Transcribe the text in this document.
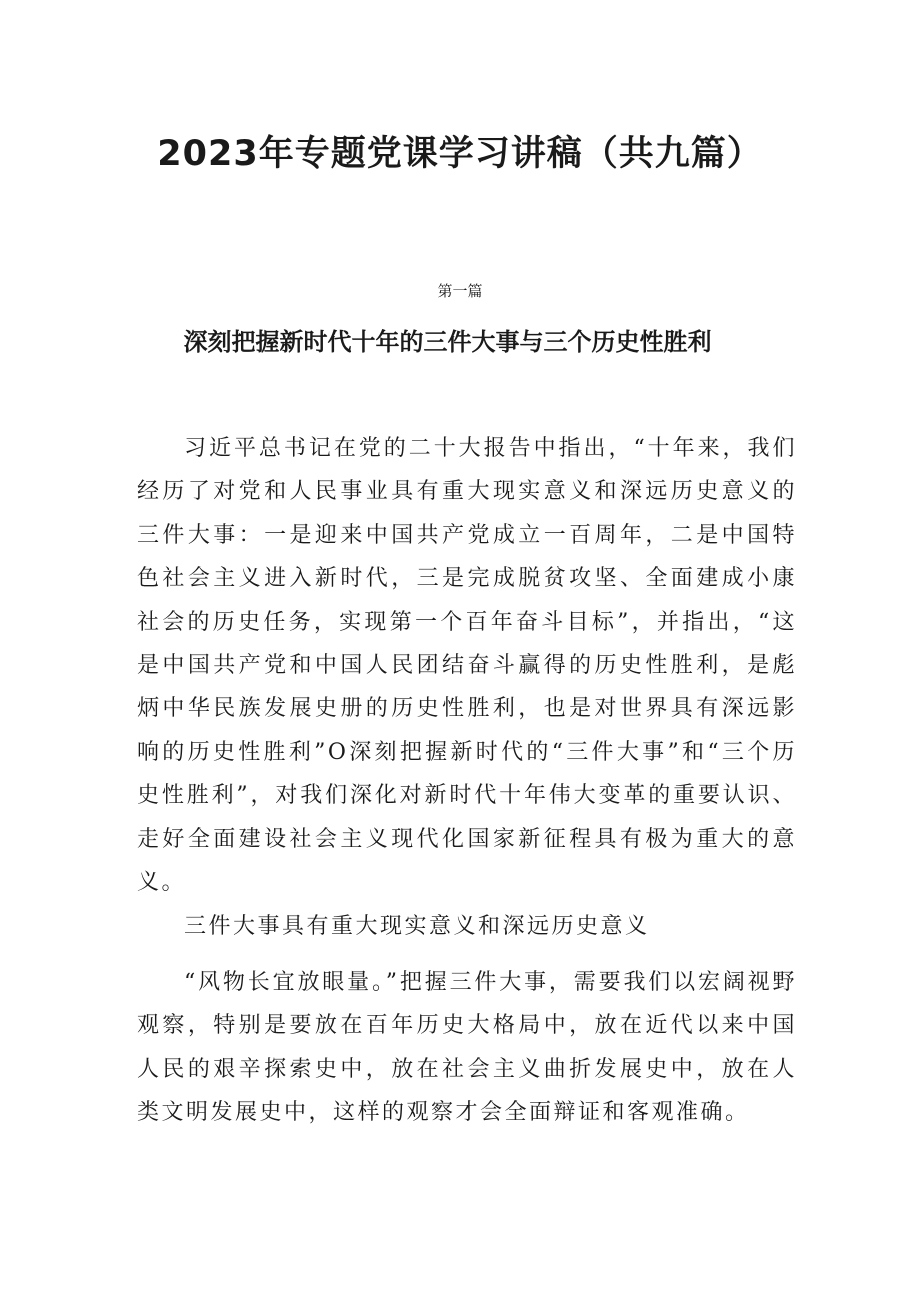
2023年专题党课学习讲稿（共九篇）
第一篇
深刻把握新时代十年的三件大事与三个历史性胜利

习近平总书记在党的二十大报告中指出，“十年来，我们经历了对党和人民事业具有重大现实意义和深远历史意义的三件大事：一是迎来中国共产党成立一百周年，二是中国特色社会主义进入新时代，三是完成脱贫攻坚、全面建成小康社会的历史任务，实现第一个百年奋斗目标”，并指出，“这是中国共产党和中国人民团结奋斗赢得的历史性胜利，是彪炳中华民族发展史册的历史性胜利，也是对世界具有深远影响的历史性胜利”O深刻把握新时代的“三件大事”和“三个历史性胜利”，对我们深化对新时代十年伟大变革的重要认识、走好全面建设社会主义现代化国家新征程具有极为重大的意义。

三件大事具有重大现实意义和深远历史意义

“风物长宜放眼量。”把握三件大事，需要我们以宏阔视野观察，特别是要放在百年历史大格局中，放在近代以来中国人民的艰辛探索史中，放在社会主义曲折发展史中，放在人类文明发展史中，这样的观察才会全面辩证和客观准确。
